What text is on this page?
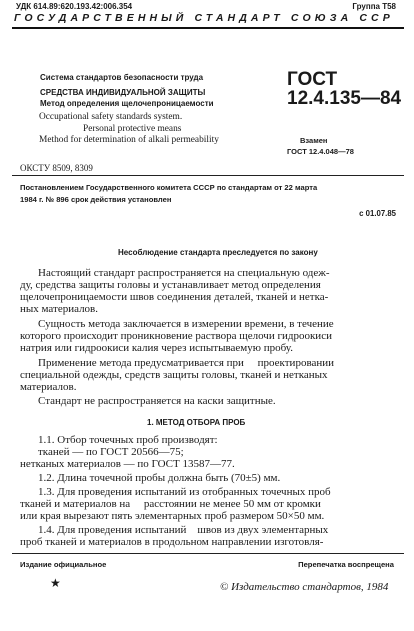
УДК 614.89:620.193.42:006.354	Группа Т58
ГОСУДАРСТВЕННЫЙ СТАНДАРТ СОЮЗА ССР
Система стандартов безопасности труда
СРЕДСТВА ИНДИВИДУАЛЬНОЙ ЗАЩИТЫ
Метод определения щелочепроницаемости
Occupational safety standards system.
Personal protective means
Method for determination of alkali permeability
ГОСТ
12.4.135—84
Взамен
ГОСТ 12.4.048—78
ОКСТУ 8509, 8309
Постановлением Государственного комитета СССР по стандартам от 22 марта
1984 г. № 896 срок действия установлен
с 01.07.85
Несоблюдение стандарта преследуется по закону
Настоящий стандарт распространяется на специальную одеж-
ду, средства защиты головы и устанавливает метод определения
щелочепроницаемости швов соединения деталей, тканей и нетка-
ных материалов.
Сущность метода заключается в измерении времени, в течение
которого происходит проникновение раствора щелочи гидроокиси
натрия или гидроокиси калия через испытываемую пробу.
Применение метода предусматривается при     проектировании
специальной одежды, средств защиты головы, тканей и нетканых
материалов.
Стандарт не распространяется на каски защитные.
1. МЕТОД ОТБОРА ПРОБ
1.1. Отбор точечных проб производят:
тканей — по ГОСТ 20566—75;
нетканых материалов — по ГОСТ 13587—77.
1.2. Длина точечной пробы должна быть (70±5) мм.
1.3. Для проведения испытаний из отобранных точечных проб
тканей и материалов на     расстоянии не менее 50 мм от кромки
или края вырезают пять элементарных проб размером 50×50 мм.
1.4. Для проведения испытаний    швов из двух элементарных
проб тканей и материалов в продольном направлении изготовля-
Издание официальное	Перепечатка воспрещена
★	© Издательство стандартов, 1984
